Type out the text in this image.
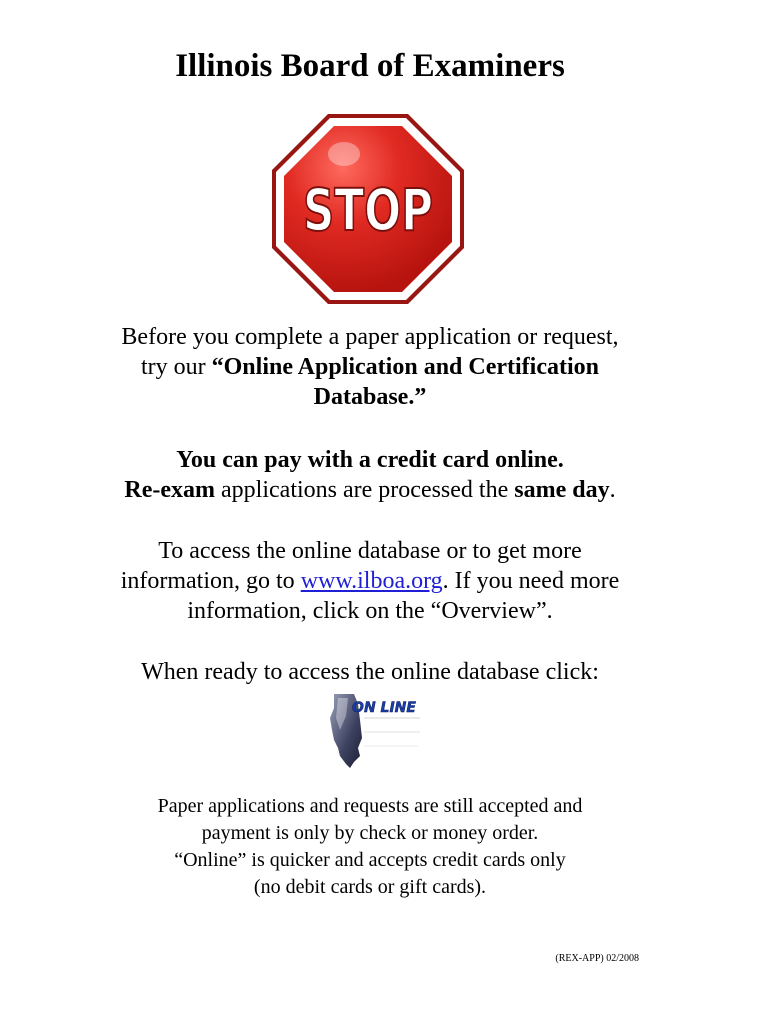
Illinois Board of Examiners
STOP
Before you complete a paper application or request,
try our “Online Application and Certification
Database.”
You can pay with a credit card online.
Re-exam applications are processed the same day.
To access the online database or to get more
information, go to www.ilboa.org. If you need more
information, click on the “Overview”.
When ready to access the online database click:
ON LINE
Paper applications and requests are still accepted and
payment is only by check or money order.
“Online” is quicker and accepts credit cards only
(no debit cards or gift cards).
(REX-APP) 02/2008
